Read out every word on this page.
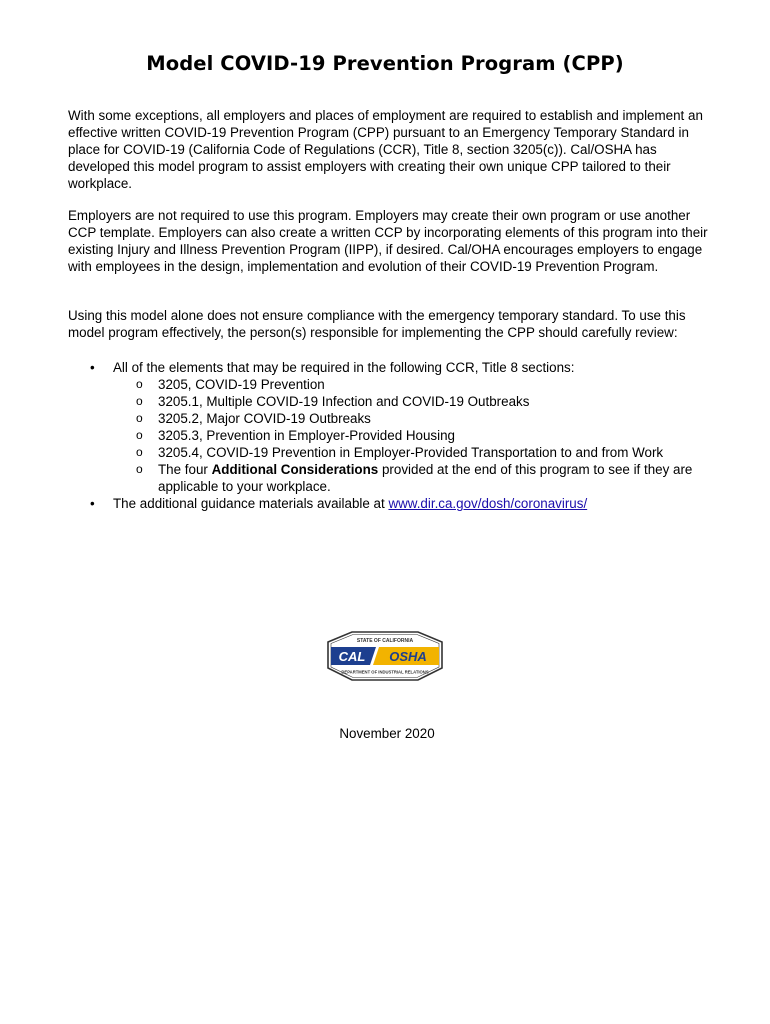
Model COVID-19 Prevention Program (CPP)

With some exceptions, all employers and places of employment are required to establish and implement an effective written COVID-19 Prevention Program (CPP) pursuant to an Emergency Temporary Standard in place for COVID-19 (California Code of Regulations (CCR), Title 8, section 3205(c)). Cal/OSHA has developed this model program to assist employers with creating their own unique CPP tailored to their workplace.

Employers are not required to use this program. Employers may create their own program or use another CCP template. Employers can also create a written CCP by incorporating elements of this program into their existing Injury and Illness Prevention Program (IIPP), if desired. Cal/OHA encourages employers to engage with employees in the design, implementation and evolution of their COVID-19 Prevention Program.

Using this model alone does not ensure compliance with the emergency temporary standard. To use this model program effectively, the person(s) responsible for implementing the CPP should carefully review:

• All of the elements that may be required in the following CCR, Title 8 sections:
o 3205, COVID-19 Prevention
o 3205.1, Multiple COVID-19 Infection and COVID-19 Outbreaks
o 3205.2, Major COVID-19 Outbreaks
o 3205.3, Prevention in Employer-Provided Housing
o 3205.4, COVID-19 Prevention in Employer-Provided Transportation to and from Work
o The four Additional Considerations provided at the end of this program to see if they are applicable to your workplace.
• The additional guidance materials available at www.dir.ca.gov/dosh/coronavirus/
CAL OSHA
STATE OF CALIFORNIA
DEPARTMENT OF INDUSTRIAL RELATIONS
November 2020
